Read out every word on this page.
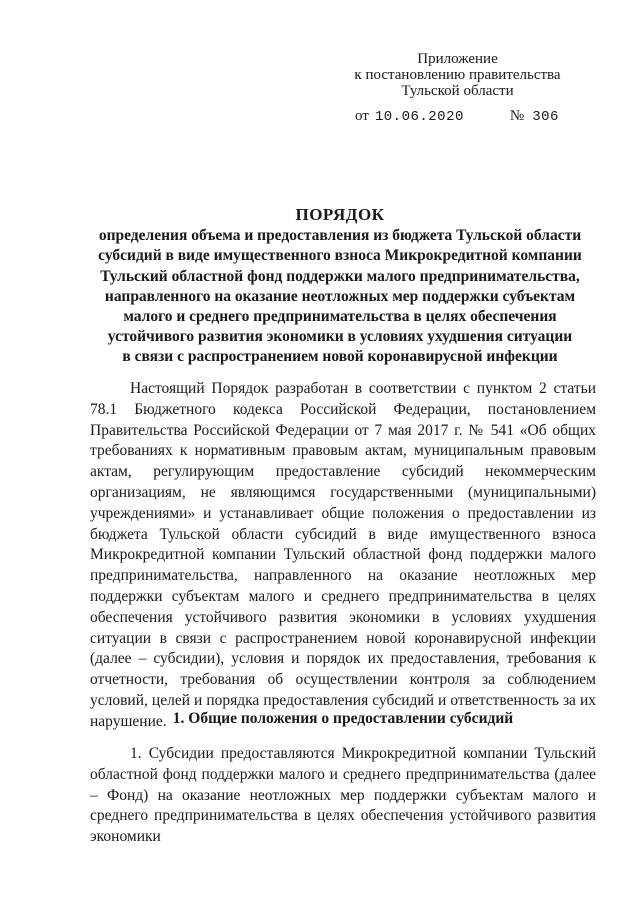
Приложение
к постановлению правительства
Тульской области
от 10.06.2020	№ 306
ПОРЯДОК
определения объема и предоставления из бюджета Тульской области
субсидий в виде имущественного взноса Микрокредитной компании
Тульский областной фонд поддержки малого предпринимательства,
направленного на оказание неотложных мер поддержки субъектам
малого и среднего предпринимательства в целях обеспечения
устойчивого развития экономики в условиях ухудшения ситуации
в связи с распространением новой коронавирусной инфекции

Настоящий Порядок разработан в соответствии с пунктом 2 статьи 78.1 Бюджетного кодекса Российской Федерации, постановлением Правительства Российской Федерации от 7 мая 2017 г. № 541 «Об общих требованиях к нормативным правовым актам, муниципальным правовым актам, регулирующим предоставление субсидий некоммерческим организациям, не являющимся государственными (муниципальными) учреждениями» и устанавливает общие положения о предоставлении из бюджета Тульской области субсидий в виде имущественного взноса Микрокредитной компании Тульский областной фонд поддержки малого предпринимательства, направленного на оказание неотложных мер поддержки субъектам малого и среднего предпринимательства в целях обеспечения устойчивого развития экономики в условиях ухудшения ситуации в связи с распространением новой коронавирусной инфекции (далее – субсидии), условия и порядок их предоставления, требования к отчетности, требования об осуществлении контроля за соблюдением условий, целей и порядка предоставления субсидий и ответственность за их нарушение. 1. Общие положения о предоставлении субсидий

1. Субсидии предоставляются Микрокредитной компании Тульский областной фонд поддержки малого и среднего предпринимательства (далее – Фонд) на оказание неотложных мер поддержки субъектам малого и среднего предпринимательства в целях обеспечения устойчивого развития экономики
